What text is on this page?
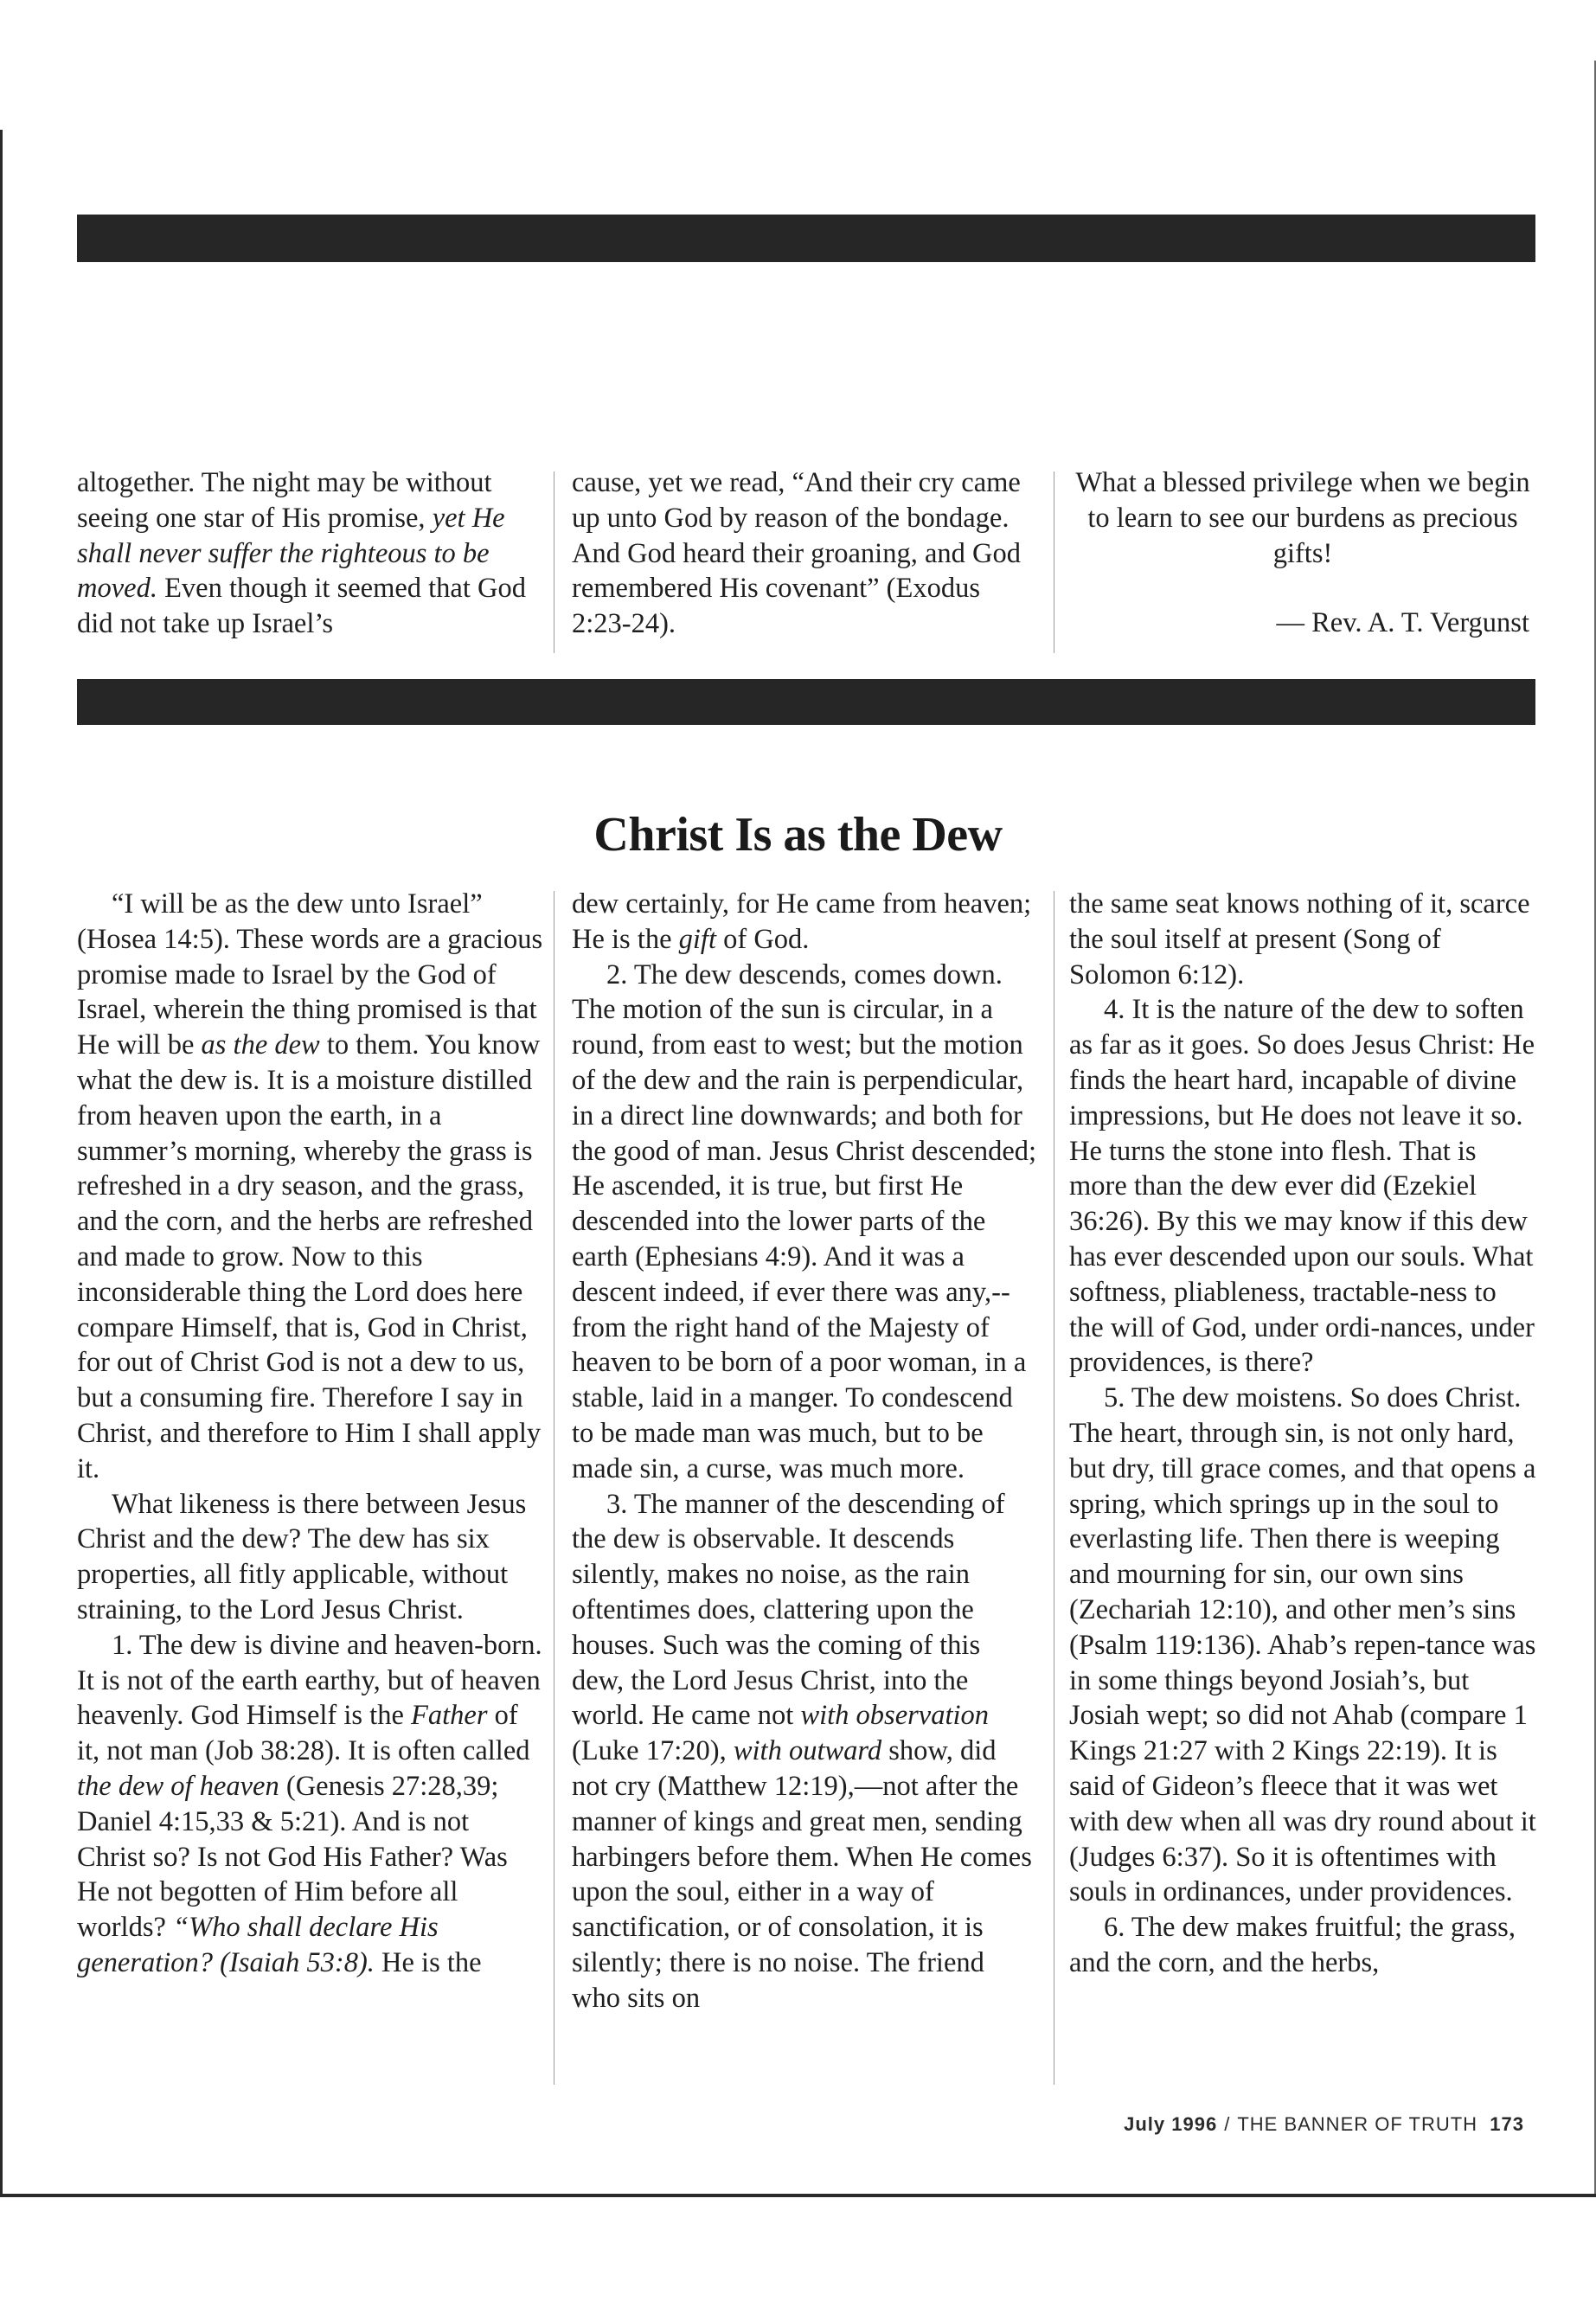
altogether. The night may be without seeing one star of His promise, yet He shall never suffer the righteous to be moved. Even though it seemed that God did not take up Israel’s

cause, yet we read, “And their cry came up unto God by reason of the bondage. And God heard their groaning, and God remembered His covenant” (Exodus 2:23-24).

What a blessed privilege when we begin to learn to see our burdens as precious gifts!

— Rev. A. T. Vergunst

Christ Is as the Dew

“I will be as the dew unto Israel” (Hosea 14:5). These words are a gracious promise made to Israel by the God of Israel, wherein the thing promised is that He will be as the dew to them. You know what the dew is. It is a moisture distilled from heaven upon the earth, in a summer’s morning, whereby the grass is refreshed in a dry season, and the grass, and the corn, and the herbs are refreshed and made to grow. Now to this inconsiderable thing the Lord does here compare Himself, that is, God in Christ, for out of Christ God is not a dew to us, but a consuming fire. Therefore I say in Christ, and therefore to Him I shall apply it.

What likeness is there between Jesus Christ and the dew? The dew has six properties, all fitly applicable, without straining, to the Lord Jesus Christ.

1. The dew is divine and heaven-born. It is not of the earth earthy, but of heaven heavenly. God Himself is the Father of it, not man (Job 38:28). It is often called the dew of heaven (Genesis 27:28,39; Daniel 4:15,33 & 5:21). And is not Christ so? Is not God His Father? Was He not begotten of Him before all worlds? “Who shall declare His generation? (Isaiah 53:8). He is the

dew certainly, for He came from heaven; He is the gift of God.

2. The dew descends, comes down. The motion of the sun is circular, in a round, from east to west; but the motion of the dew and the rain is perpendicular, in a direct line downwards; and both for the good of man. Jesus Christ descended; He ascended, it is true, but first He descended into the lower parts of the earth (Ephesians 4:9). And it was a descent indeed, if ever there was any,--from the right hand of the Majesty of heaven to be born of a poor woman, in a stable, laid in a manger. To condescend to be made man was much, but to be made sin, a curse, was much more.

3. The manner of the descending of the dew is observable. It descends silently, makes no noise, as the rain oftentimes does, clattering upon the houses. Such was the coming of this dew, the Lord Jesus Christ, into the world. He came not with observation (Luke 17:20), with outward show, did not cry (Matthew 12:19),—not after the manner of kings and great men, sending harbingers before them. When He comes upon the soul, either in a way of sanctification, or of consolation, it is silently; there is no noise. The friend who sits on

the same seat knows nothing of it, scarce the soul itself at present (Song of Solomon 6:12).

4. It is the nature of the dew to soften as far as it goes. So does Jesus Christ: He finds the heart hard, incapable of divine impressions, but He does not leave it so. He turns the stone into flesh. That is more than the dew ever did (Ezekiel 36:26). By this we may know if this dew has ever descended upon our souls. What softness, pliableness, tractable-ness to the will of God, under ordi-nances, under providences, is there?

5. The dew moistens. So does Christ. The heart, through sin, is not only hard, but dry, till grace comes, and that opens a spring, which springs up in the soul to everlasting life. Then there is weeping and mourning for sin, our own sins (Zechariah 12:10), and other men’s sins (Psalm 119:136). Ahab’s repen-tance was in some things beyond Josiah’s, but Josiah wept; so did not Ahab (compare 1 Kings 21:27 with 2 Kings 22:19). It is said of Gideon’s fleece that it was wet with dew when all was dry round about it (Judges 6:37). So it is oftentimes with souls in ordinances, under providences.

6. The dew makes fruitful; the grass, and the corn, and the herbs,

July 1996 / THE BANNER OF TRUTH 173
